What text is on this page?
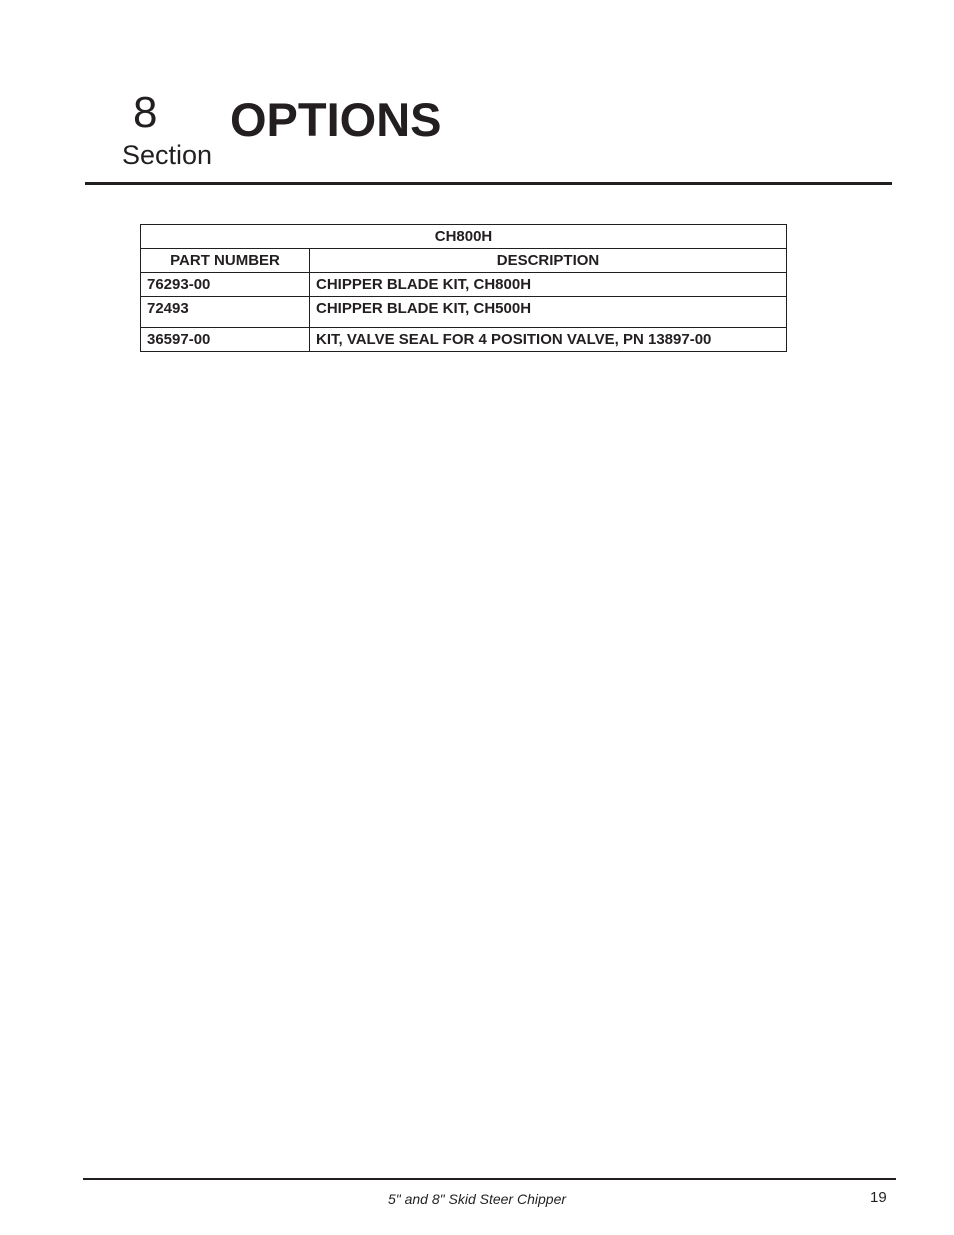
8
Section
OPTIONS
CH800H	
PART NUMBER	DESCRIPTION
76293-00	CHIPPER BLADE KIT, CH800H
72493	CHIPPER BLADE KIT, CH500H
36597-00	KIT, VALVE SEAL FOR 4 POSITION VALVE, PN 13897-00
5" and 8" Skid Steer Chipper	19
